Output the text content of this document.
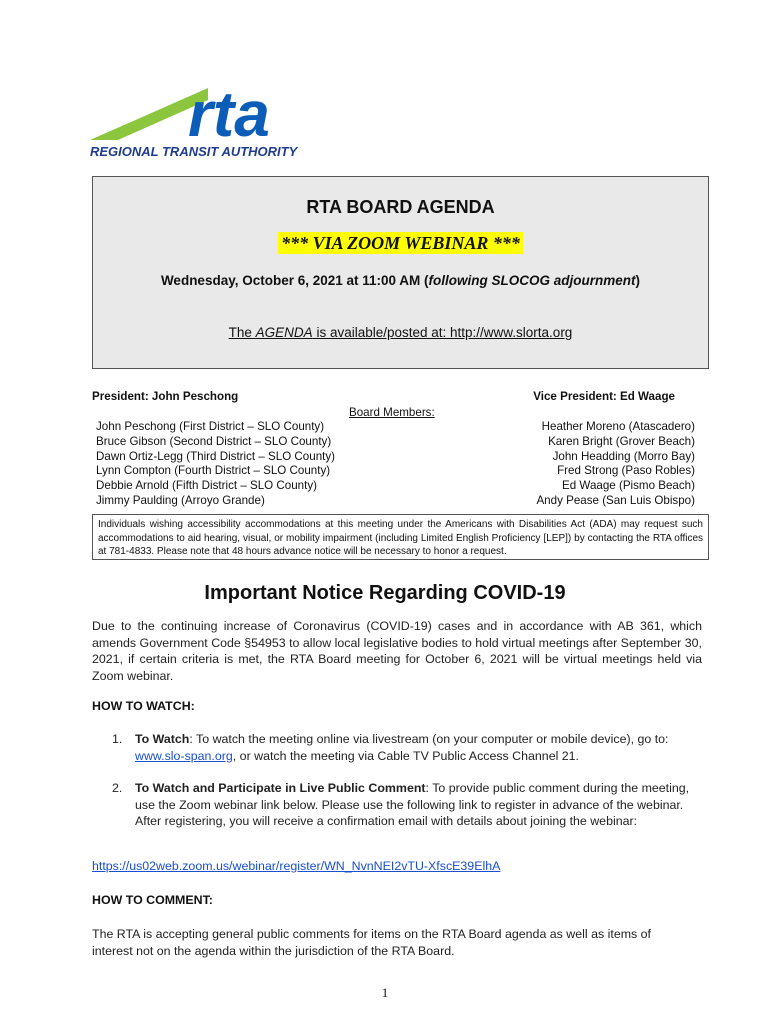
rta
REGIONAL TRANSIT AUTHORITY
RTA BOARD AGENDA
*** VIA ZOOM WEBINAR ***
Wednesday, October 6, 2021 at 11:00 AM (following SLOCOG adjournment)
The AGENDA is available/posted at: http://www.slorta.org
President: John Peschong	Vice President: Ed Waage
Board Members:
John Peschong (First District – SLO County)
Bruce Gibson (Second District – SLO County)
Dawn Ortiz-Legg (Third District – SLO County)
Lynn Compton (Fourth District – SLO County)
Debbie Arnold (Fifth District – SLO County)
Jimmy Paulding (Arroyo Grande)
Heather Moreno (Atascadero)
Karen Bright (Grover Beach)
John Headding (Morro Bay)
Fred Strong (Paso Robles)
Ed Waage (Pismo Beach)
Andy Pease (San Luis Obispo)
Individuals wishing accessibility accommodations at this meeting under the Americans with Disabilities Act (ADA) may request such accommodations to aid hearing, visual, or mobility impairment (including Limited English Proficiency [LEP]) by contacting the RTA offices at 781-4833. Please note that 48 hours advance notice will be necessary to honor a request.
Important Notice Regarding COVID-19
Due to the continuing increase of Coronavirus (COVID-19) cases and in accordance with AB 361, which amends Government Code §54953 to allow local legislative bodies to hold virtual meetings after September 30, 2021, if certain criteria is met, the RTA Board meeting for October 6, 2021 will be virtual meetings held via Zoom webinar.
HOW TO WATCH:
1. To Watch: To watch the meeting online via livestream (on your computer or mobile device), go to: www.slo-span.org, or watch the meeting via Cable TV Public Access Channel 21.
2. To Watch and Participate in Live Public Comment: To provide public comment during the meeting, use the Zoom webinar link below. Please use the following link to register in advance of the webinar. After registering, you will receive a confirmation email with details about joining the webinar:
https://us02web.zoom.us/webinar/register/WN_NvnNEI2vTU-XfscE39ElhA
HOW TO COMMENT:
The RTA is accepting general public comments for items on the RTA Board agenda as well as items of interest not on the agenda within the jurisdiction of the RTA Board.
1
